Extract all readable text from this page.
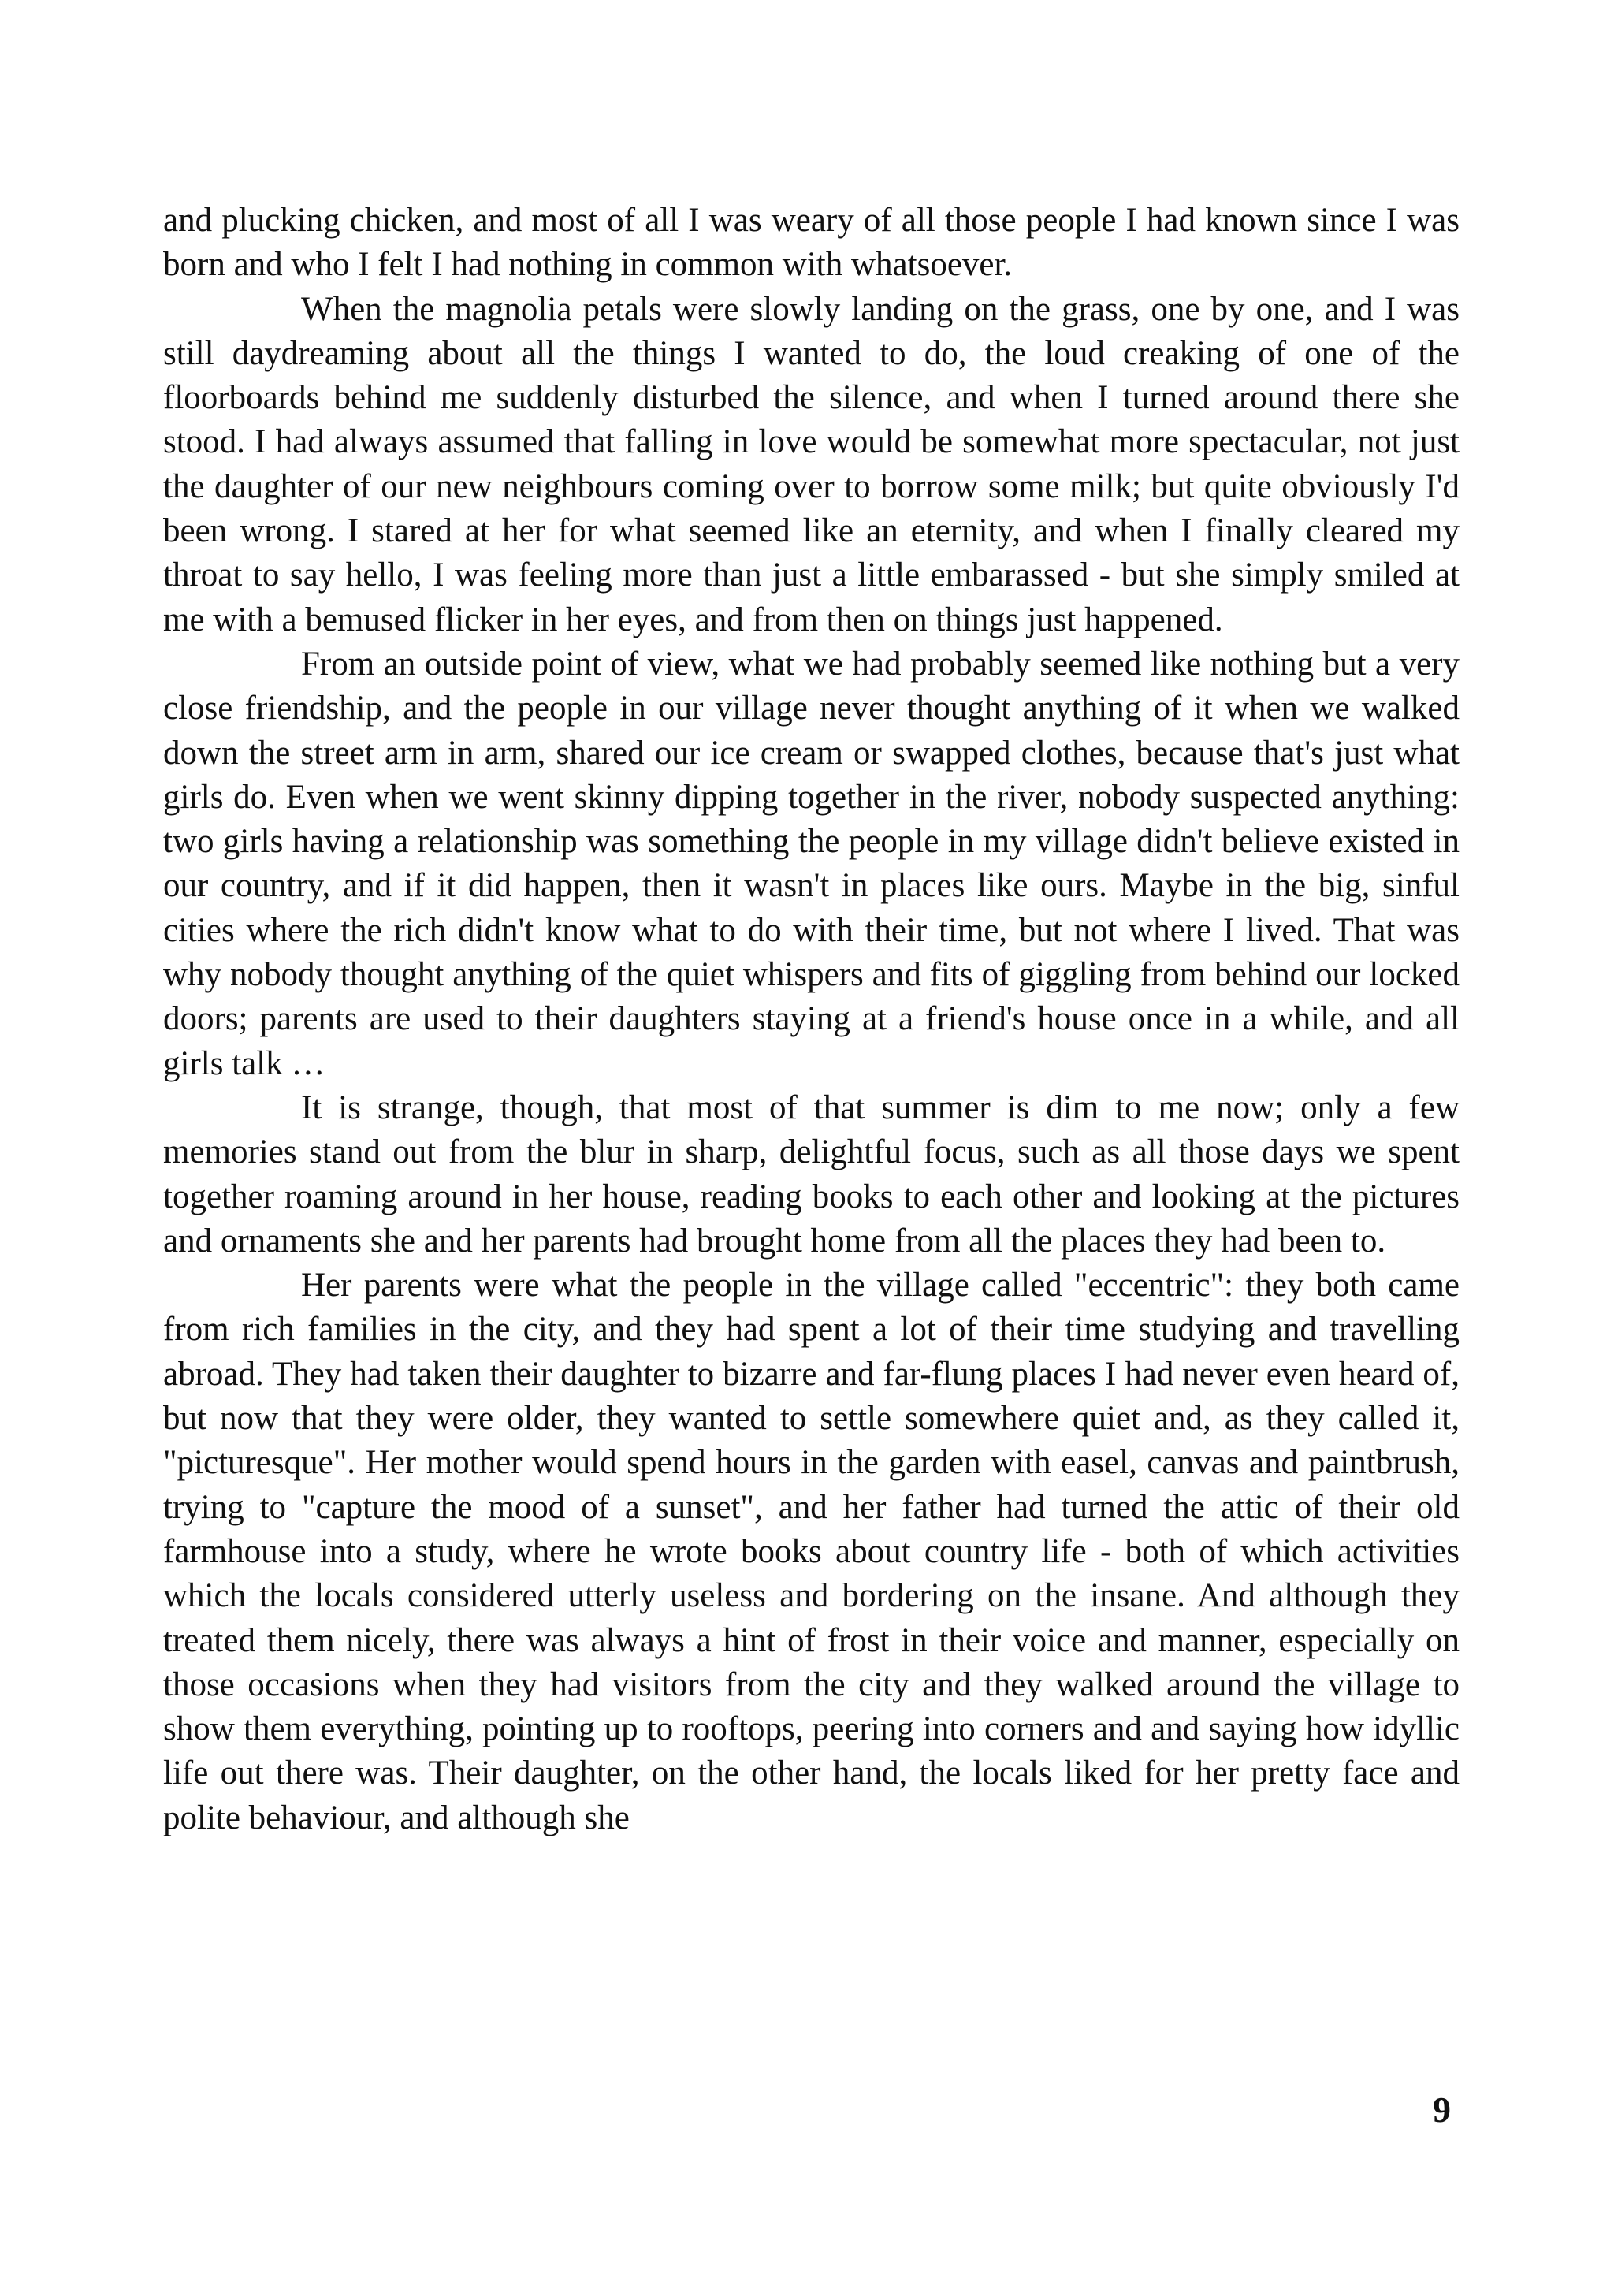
and plucking chicken, and most of all I was weary of all those people I had known since I was born and who I felt I had nothing in common with whatsoever.

When the magnolia petals were slowly landing on the grass, one by one, and I was still daydreaming about all the things I wanted to do, the loud creaking of one of the floorboards behind me suddenly disturbed the silence, and when I turned around there she stood. I had always assumed that falling in love would be somewhat more spectacular, not just the daughter of our new neighbours coming over to borrow some milk; but quite obviously I'd been wrong. I stared at her for what seemed like an eternity, and when I finally cleared my throat to say hello, I was feeling more than just a little embarassed - but she simply smiled at me with a bemused flicker in her eyes, and from then on things just happened.

From an outside point of view, what we had probably seemed like nothing but a very close friendship, and the people in our village never thought anything of it when we walked down the street arm in arm, shared our ice cream or swapped clothes, because that's just what girls do. Even when we went skinny dipping together in the river, nobody suspected anything: two girls having a relationship was something the people in my village didn't believe existed in our country, and if it did happen, then it wasn't in places like ours. Maybe in the big, sinful cities where the rich didn't know what to do with their time, but not where I lived. That was why nobody thought anything of the quiet whispers and fits of giggling from behind our locked doors; parents are used to their daughters staying at a friend's house once in a while, and all girls talk …

It is strange, though, that most of that summer is dim to me now; only a few memories stand out from the blur in sharp, delightful focus, such as all those days we spent together roaming around in her house, reading books to each other and looking at the pictures and ornaments she and her parents had brought home from all the places they had been to.

Her parents were what the people in the village called "eccentric": they both came from rich families in the city, and they had spent a lot of their time studying and travelling abroad. They had taken their daughter to bizarre and far-flung places I had never even heard of, but now that they were older, they wanted to settle somewhere quiet and, as they called it, "picturesque". Her mother would spend hours in the garden with easel, canvas and paintbrush, trying to "capture the mood of a sunset", and her father had turned the attic of their old farmhouse into a study, where he wrote books about country life - both of which activities which the locals considered utterly useless and bordering on the insane. And although they treated them nicely, there was always a hint of frost in their voice and manner, especially on those occasions when they had visitors from the city and they walked around the village to show them everything, pointing up to rooftops, peering into corners and and saying how idyllic life out there was. Their daughter, on the other hand, the locals liked for her pretty face and polite behaviour, and although she

9
